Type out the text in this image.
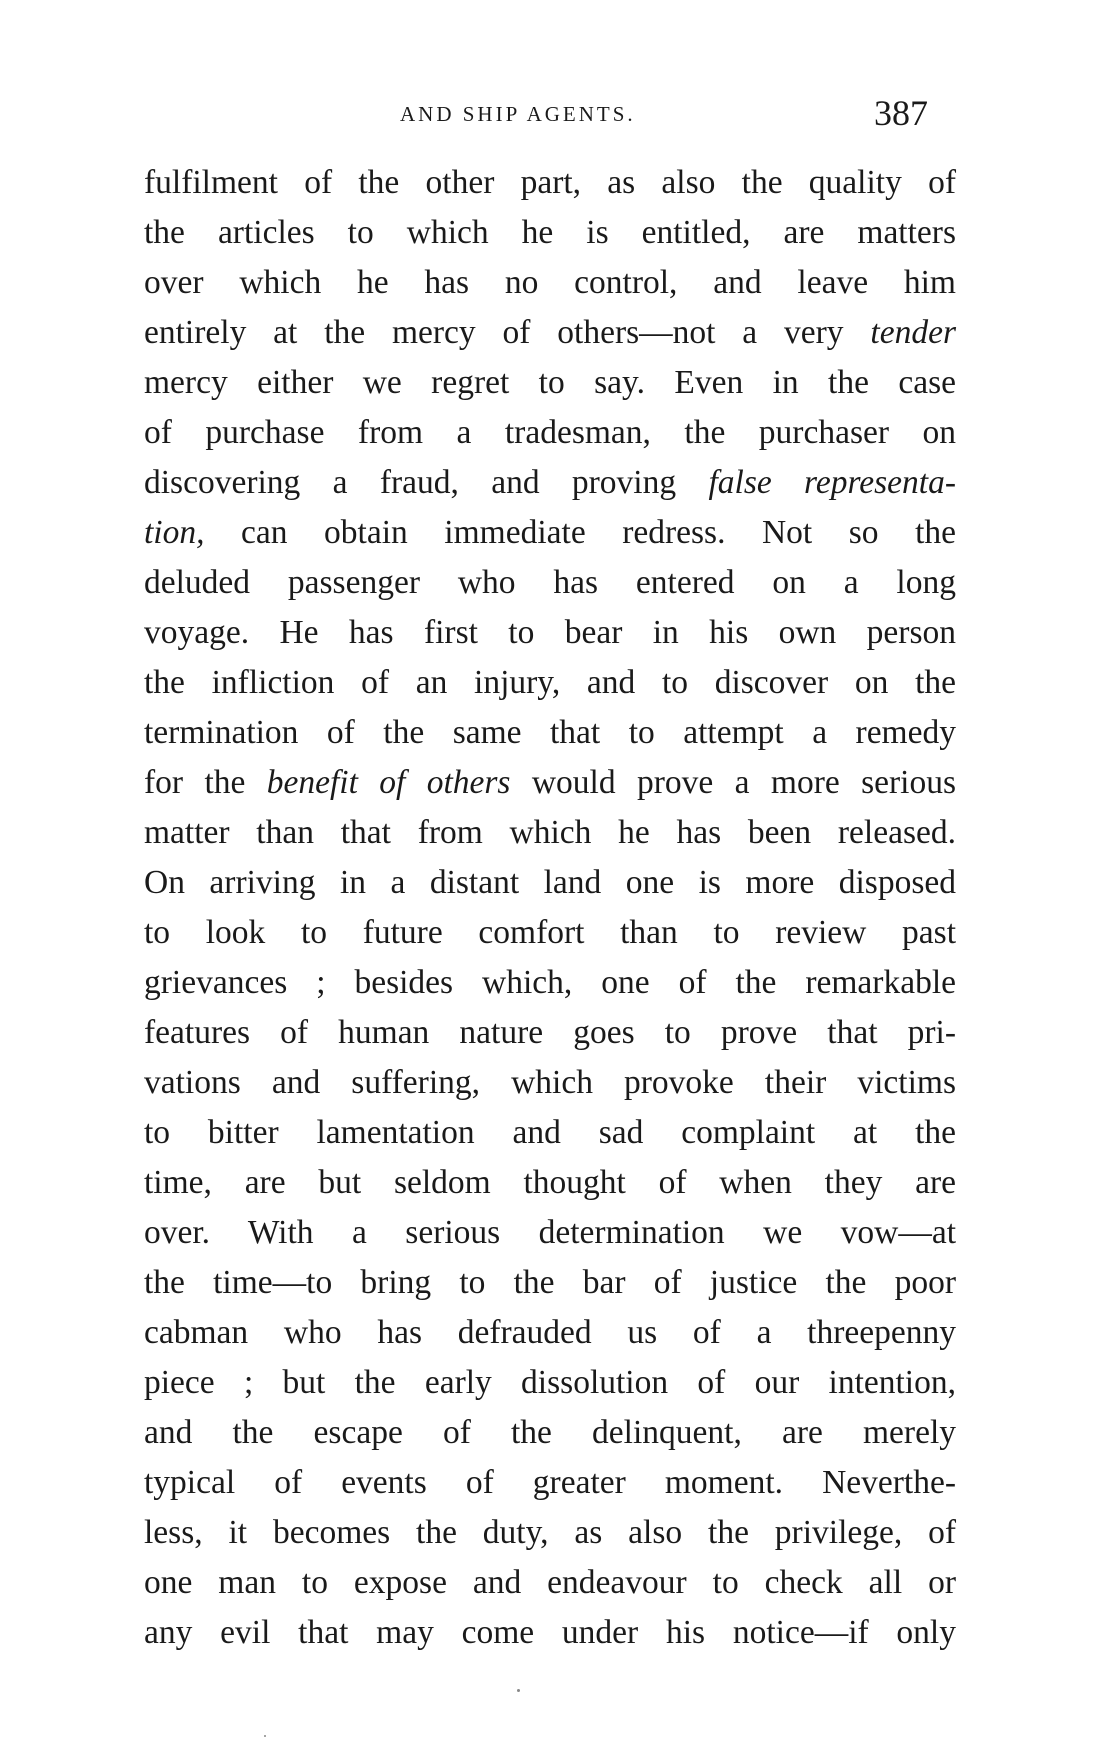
AND SHIP AGENTS.	387
fulfilment of the other part, as also the quality of
the articles to which he is entitled, are matters
over which he has no control, and leave him
entirely at the mercy of others—not a very tender
mercy either we regret to say. Even in the case
of purchase from a tradesman, the purchaser on
discovering a fraud, and proving false representa-
tion, can obtain immediate redress. Not so the
deluded passenger who has entered on a long
voyage. He has first to bear in his own person
the infliction of an injury, and to discover on the
termination of the same that to attempt a remedy
for the benefit of others would prove a more serious
matter than that from which he has been released.
On arriving in a distant land one is more disposed
to look to future comfort than to review past
grievances ; besides which, one of the remarkable
features of human nature goes to prove that pri-
vations and suffering, which provoke their victims
to bitter lamentation and sad complaint at the
time, are but seldom thought of when they are
over. With a serious determination we vow—at
the time—to bring to the bar of justice the poor
cabman who has defrauded us of a threepenny
piece ; but the early dissolution of our intention,
and the escape of the delinquent, are merely
typical of events of greater moment. Neverthe-
less, it becomes the duty, as also the privilege, of
one man to expose and endeavour to check all or
any evil that may come under his notice—if only
